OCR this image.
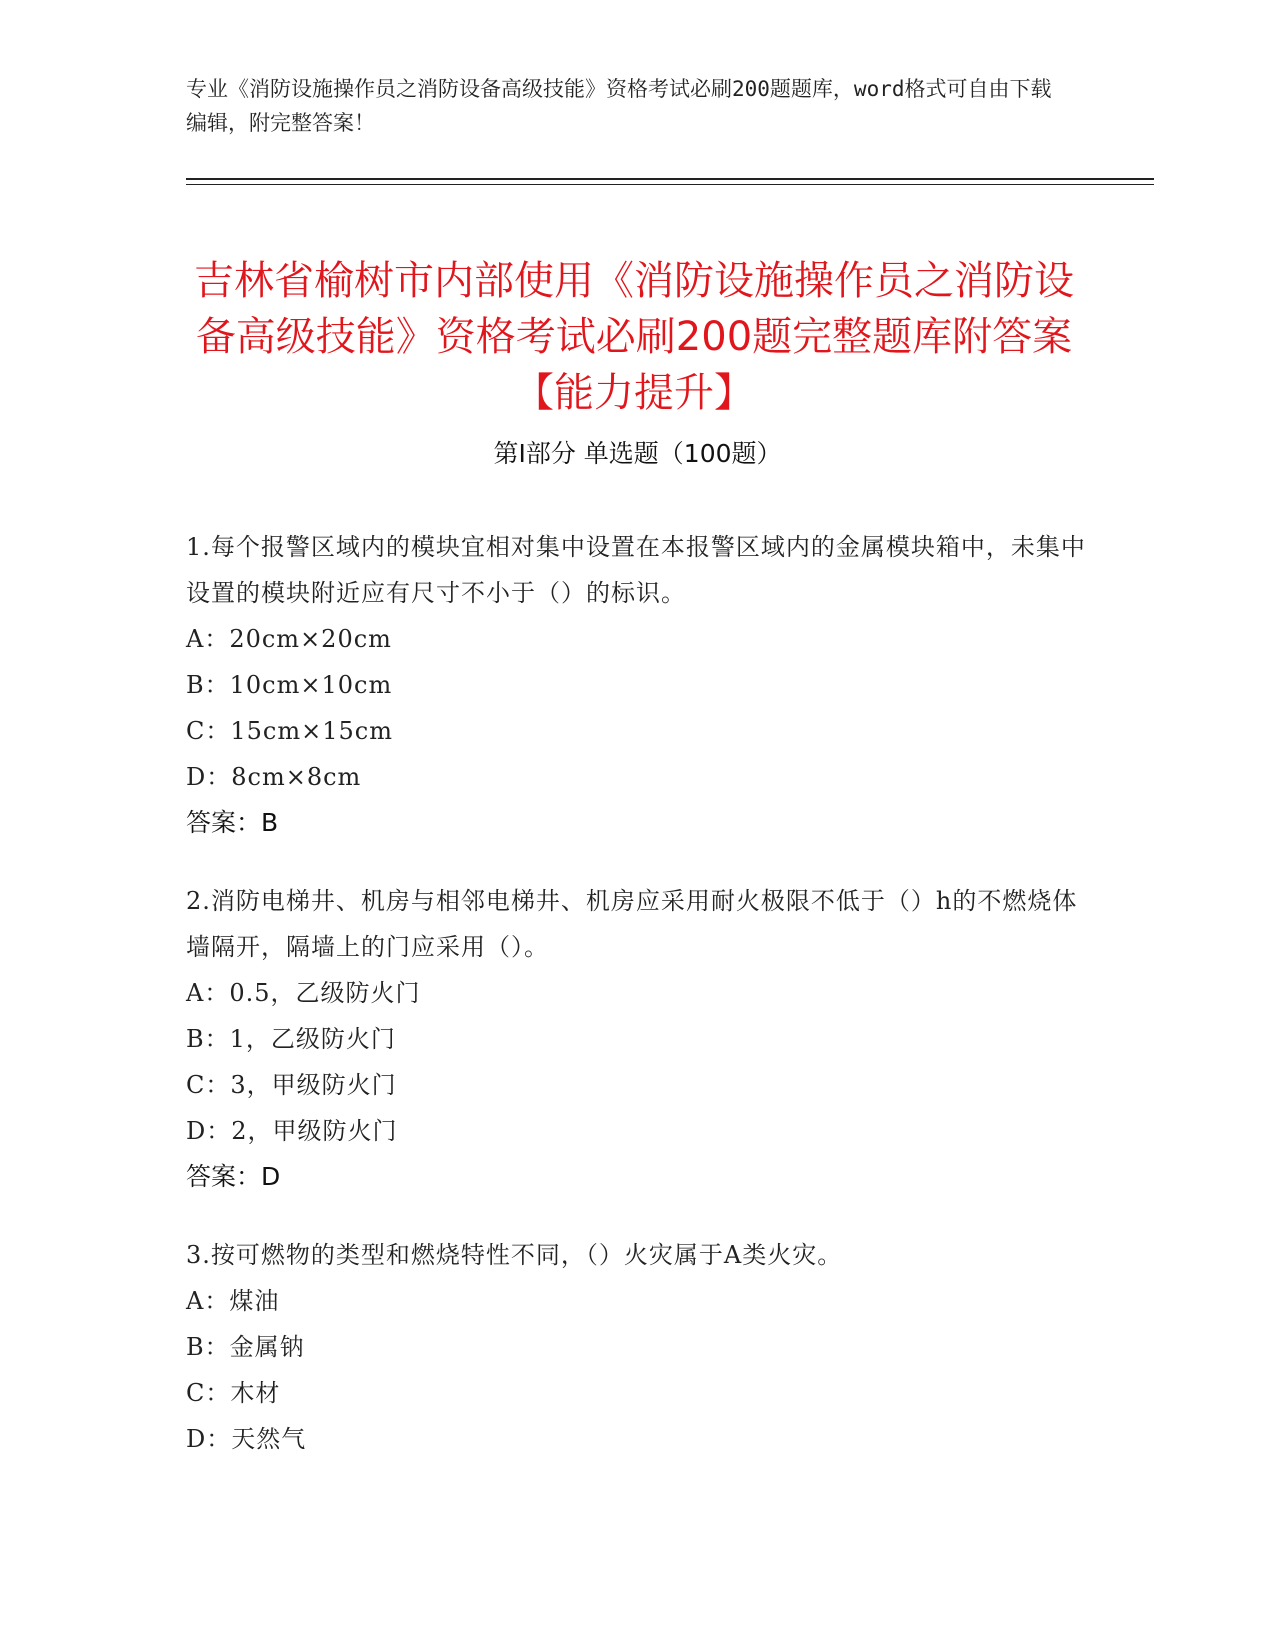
专业《消防设施操作员之消防设备高级技能》资格考试必刷200题题库，word格式可自由下载编辑，附完整答案！
吉林省榆树市内部使用《消防设施操作员之消防设备高级技能》资格考试必刷200题完整题库附答案【能力提升】
第Ⅰ部分 单选题（100题）
1.每个报警区域内的模块宜相对集中设置在本报警区域内的金属模块箱中，未集中设置的模块附近应有尺寸不小于（）的标识。
A：20cm×20cm
B：10cm×10cm
C：15cm×15cm
D：8cm×8cm
答案：B
2.消防电梯井、机房与相邻电梯井、机房应采用耐火极限不低于（）h的不燃烧体墙隔开，隔墙上的门应采用（）。
A：0.5，乙级防火门
B：1，乙级防火门
C：3，甲级防火门
D：2，甲级防火门
答案：D
3.按可燃物的类型和燃烧特性不同，（）火灾属于A类火灾。
A：煤油
B：金属钠
C：木材
D：天然气
